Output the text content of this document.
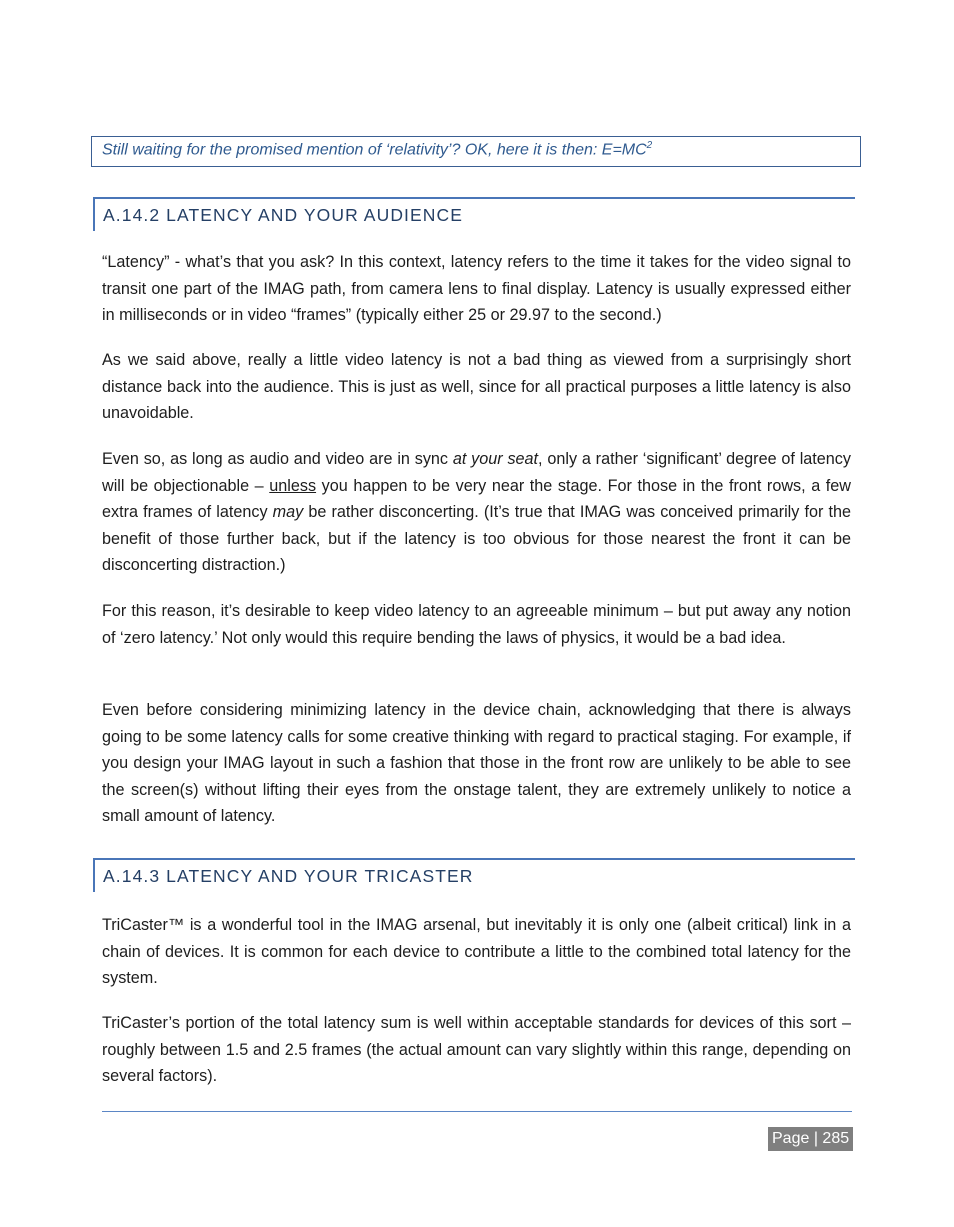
Still waiting for the promised mention of ‘relativity’? OK, here it is then: $E=MC^2$
A.14.2 LATENCY AND YOUR AUDIENCE
“Latency” - what’s that you ask? In this context, latency refers to the time it takes for the video signal to transit one part of the IMAG path, from camera lens to final display. Latency is usually expressed either in milliseconds or in video “frames” (typically either 25 or 29.97 to the second.)
As we said above, really a little video latency is not a bad thing as viewed from a surprisingly short distance back into the audience. This is just as well, since for all practical purposes a little latency is also unavoidable.
Even so, as long as audio and video are in sync at your seat, only a rather ‘significant’ degree of latency will be objectionable – unless you happen to be very near the stage. For those in the front rows, a few extra frames of latency may be rather disconcerting. (It’s true that IMAG was conceived primarily for the benefit of those further back, but if the latency is too obvious for those nearest the front it can be disconcerting distraction.)
For this reason, it’s desirable to keep video latency to an agreeable minimum – but put away any notion of ‘zero latency.’ Not only would this require bending the laws of physics, it would be a bad idea.
Even before considering minimizing latency in the device chain, acknowledging that there is always going to be some latency calls for some creative thinking with regard to practical staging. For example, if you design your IMAG layout in such a fashion that those in the front row are unlikely to be able to see the screen(s) without lifting their eyes from the onstage talent, they are extremely unlikely to notice a small amount of latency.
A.14.3 LATENCY AND YOUR TRICASTER
TriCaster™ is a wonderful tool in the IMAG arsenal, but inevitably it is only one (albeit critical) link in a chain of devices. It is common for each device to contribute a little to the combined total latency for the system.
TriCaster’s portion of the total latency sum is well within acceptable standards for devices of this sort – roughly between 1.5 and 2.5 frames (the actual amount can vary slightly within this range, depending on several factors).
Page | 285
